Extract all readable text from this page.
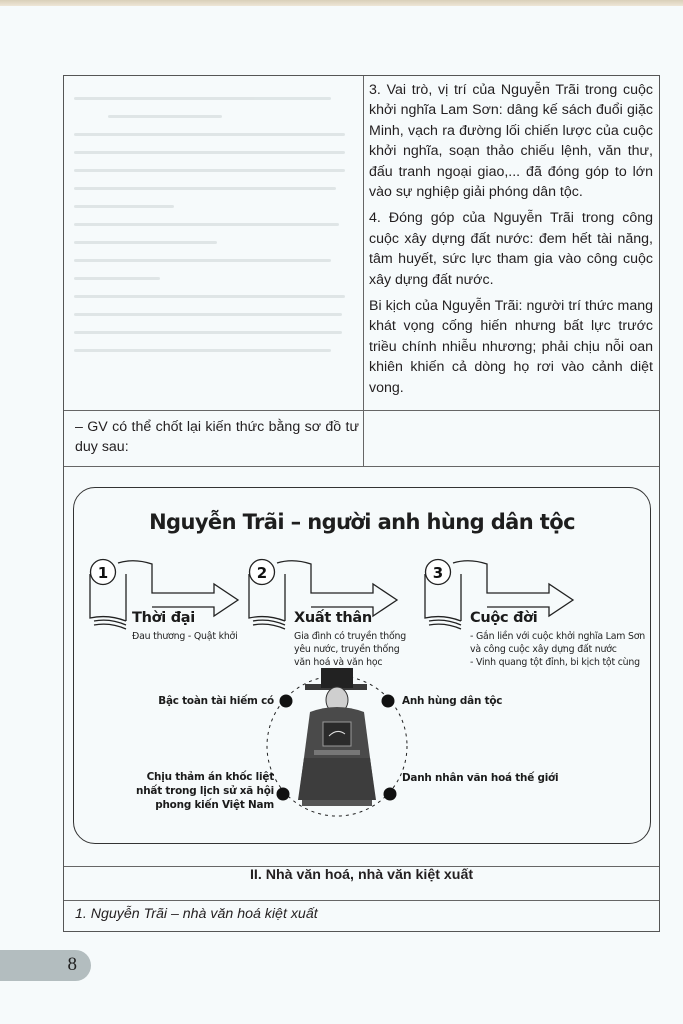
3. Vai trò, vị trí của Nguyễn Trãi trong cuộc khởi nghĩa Lam Sơn: dâng kế sách đuổi giặc Minh, vạch ra đường lối chiến lược của cuộc khởi nghĩa, soạn thảo chiếu lệnh, văn thư, đấu tranh ngoại giao,... đã đóng góp to lớn vào sự nghiệp giải phóng dân tộc.

4. Đóng góp của Nguyễn Trãi trong công cuộc xây dựng đất nước: đem hết tài năng, tâm huyết, sức lực tham gia vào công cuộc xây dựng đất nước.

Bi kịch của Nguyễn Trãi: người trí thức mang khát vọng cống hiến nhưng bất lực trước triều chính nhiễu nhương; phải chịu nỗi oan khiên khiến cả dòng họ rơi vào cảnh diệt vong.

– GV có thể chốt lại kiến thức bằng sơ đồ tư duy sau:
Nguyễn Trãi – người anh hùng dân tộc
1	2	3
Thời đại
Đau thương - Quật khởi
Xuất thân
Gia đình có truyền thống
yêu nước, truyền thống
văn hoá và văn học
Cuộc đời
- Gắn liền với cuộc khởi nghĩa Lam Sơn
và công cuộc xây dựng đất nước
- Vinh quang tột đỉnh, bi kịch tột cùng
Bậc toàn tài hiếm có	Anh hùng dân tộc
Chịu thảm án khốc liệt
nhất trong lịch sử xã hội
phong kiến Việt Nam
Danh nhân văn hoá thế giới
II. Nhà văn hoá, nhà văn kiệt xuất
1. Nguyễn Trãi – nhà văn hoá kiệt xuất
8
